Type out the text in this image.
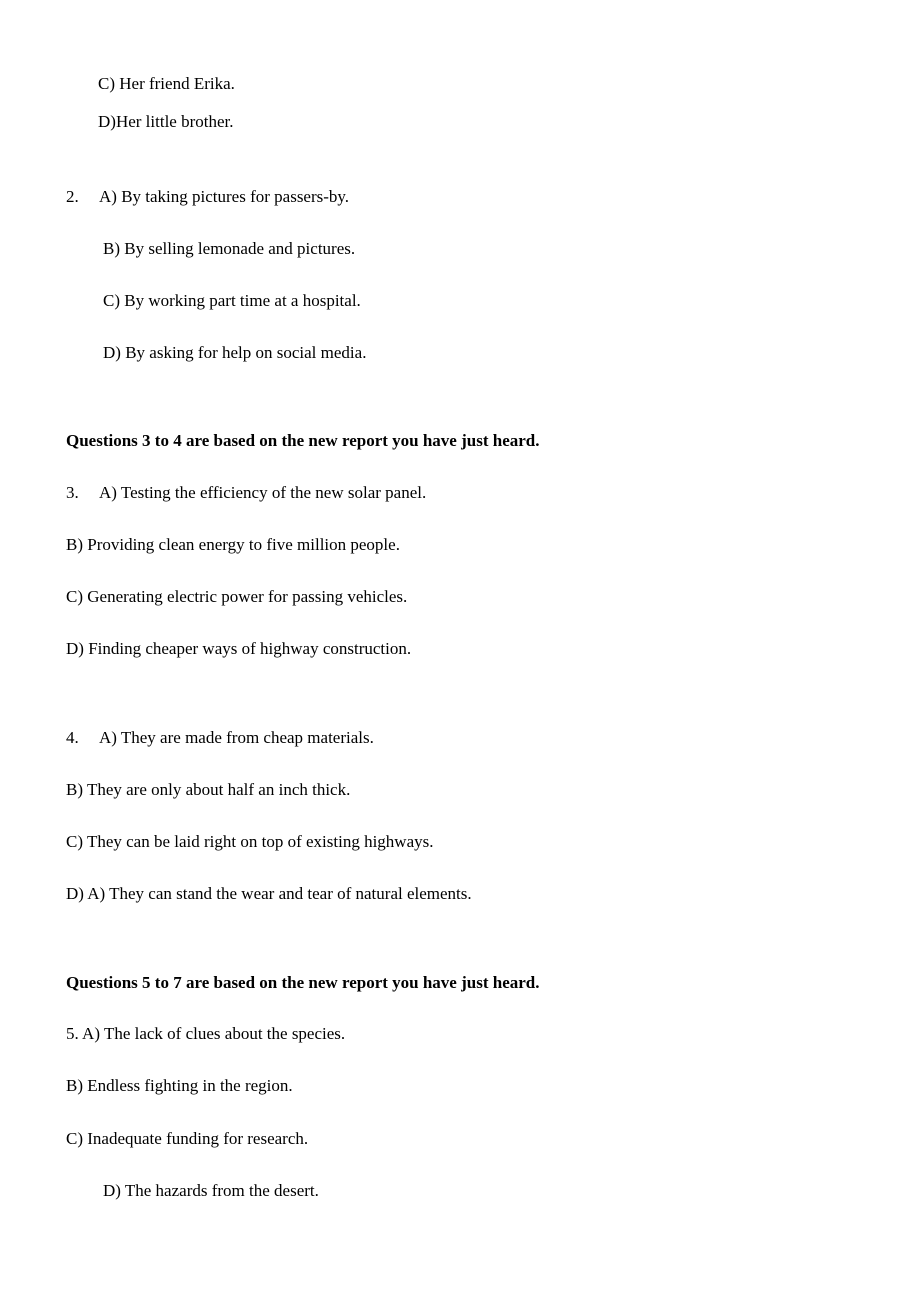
C) Her friend Erika.
D)Her little brother.
2. A) By taking pictures for passers-by.
B) By selling lemonade and pictures.
C) By working part time at a hospital.
D) By asking for help on social media.
Questions 3 to 4 are based on the new report you have just heard.
3. A) Testing the efficiency of the new solar panel.
B) Providing clean energy to five million people.
C) Generating electric power for passing vehicles.
D) Finding cheaper ways of highway construction.
4. A) They are made from cheap materials.
B) They are only about half an inch thick.
C) They can be laid right on top of existing highways.
D) A) They can stand the wear and tear of natural elements.
Questions 5 to 7 are based on the new report you have just heard.
5. A) The lack of clues about the species.
B) Endless fighting in the region.
C) Inadequate funding for research.
D) The hazards from the desert.
